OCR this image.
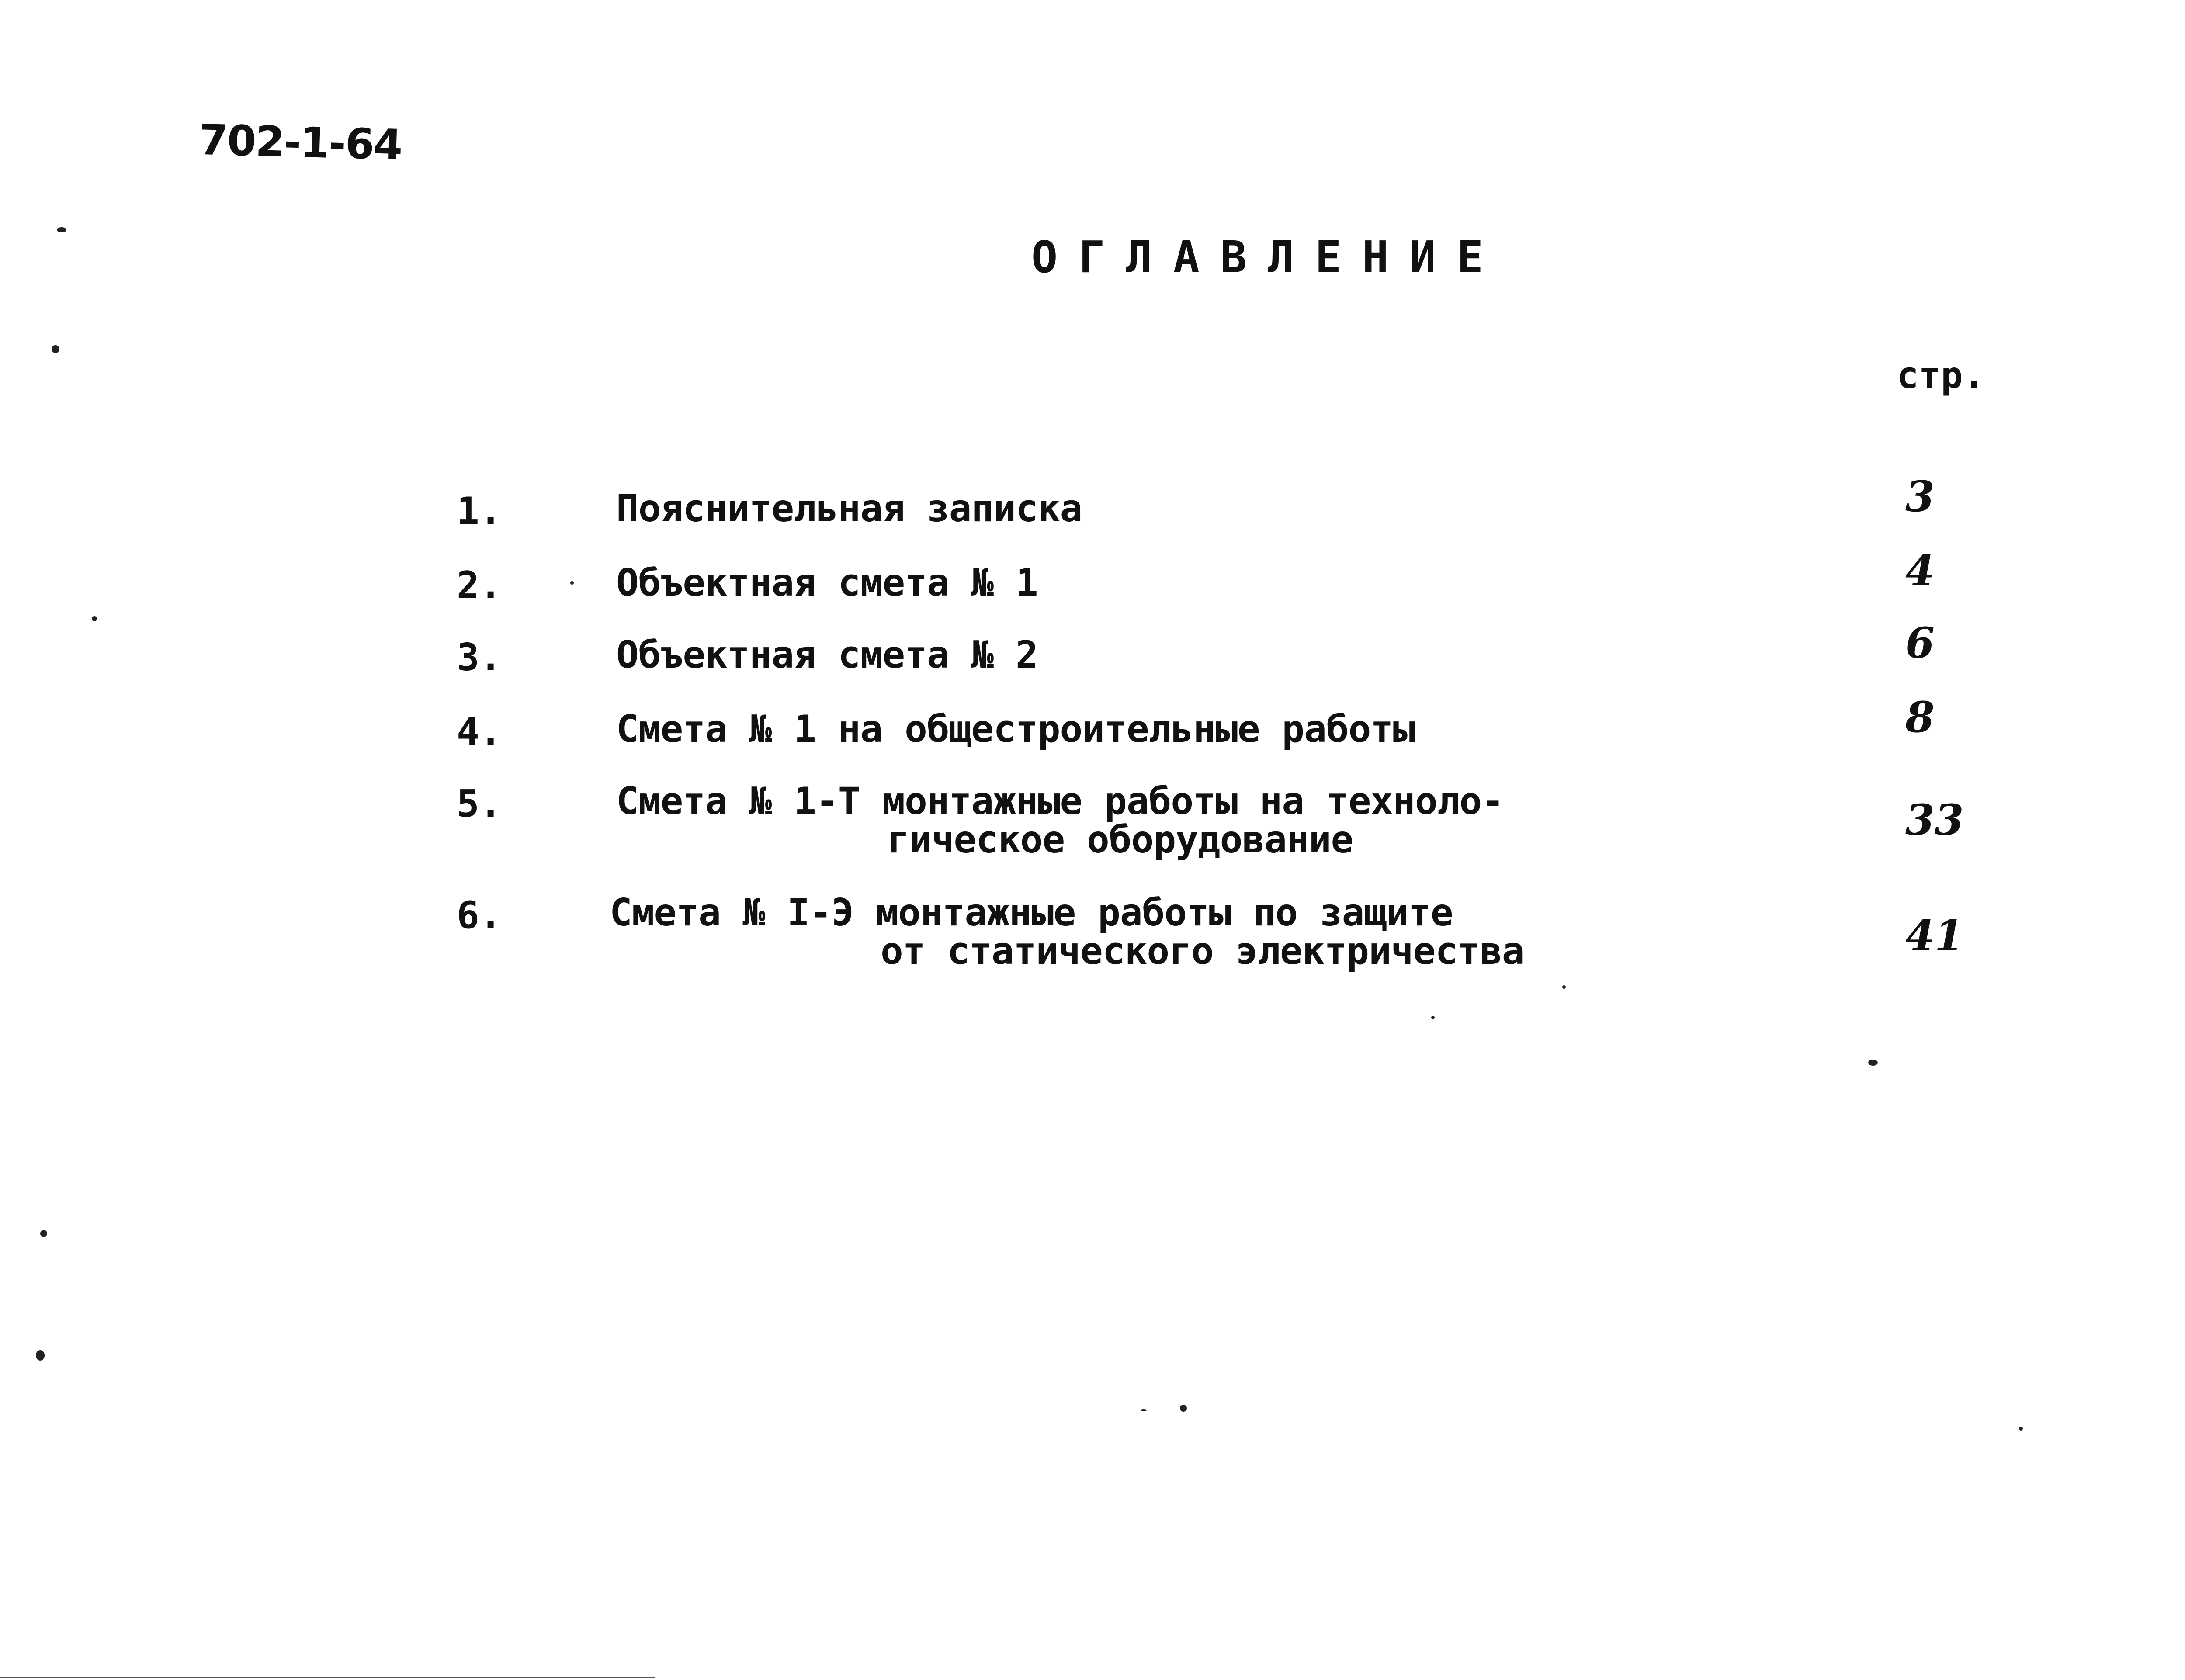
702-1-64
ОГЛАВЛЕНИЕ
стр.
1.	Пояснительная записка	3
2.	Объектная смета № 1	4
3.	Объектная смета № 2	6
4.	Смета № 1 на общестроительные работы	8
5.	Смета № 1-Т монтажные работы на техноло-
гическое оборудование	33
6.	Смета № I-Э монтажные работы по защите
от статического электричества	41
